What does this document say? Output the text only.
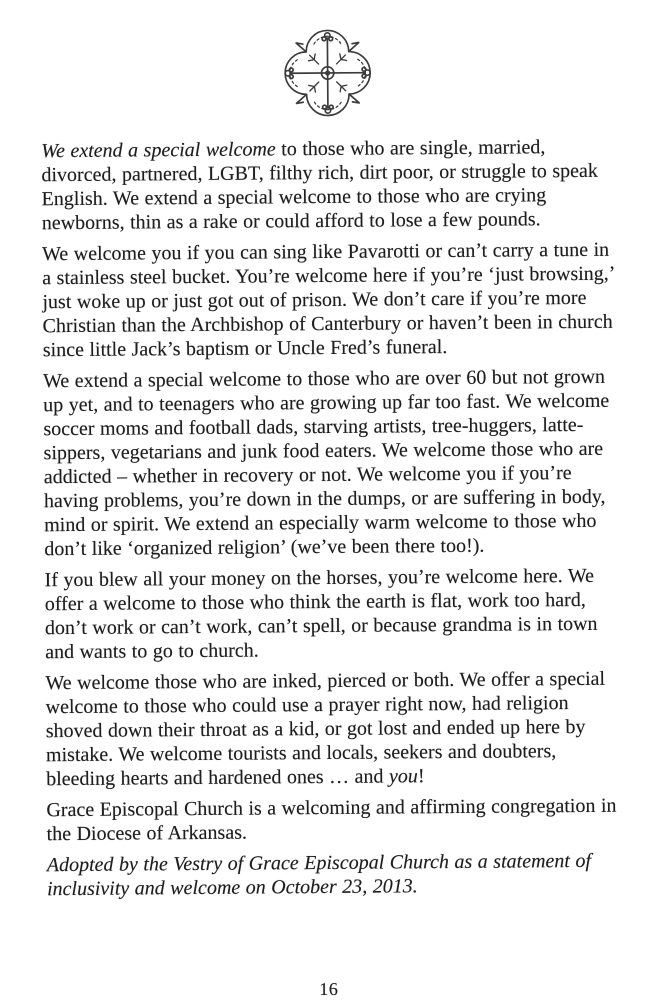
We extend a special welcome to those who are single, married, divorced, partnered, LGBT, filthy rich, dirt poor, or struggle to speak English. We extend a special welcome to those who are crying newborns, thin as a rake or could afford to lose a few pounds.

We welcome you if you can sing like Pavarotti or can’t carry a tune in a stainless steel bucket. You’re welcome here if you’re ‘just browsing,’ just woke up or just got out of prison. We don’t care if you’re more Christian than the Archbishop of Canterbury or haven’t been in church since little Jack’s baptism or Uncle Fred’s funeral.

We extend a special welcome to those who are over 60 but not grown up yet, and to teenagers who are growing up far too fast. We welcome soccer moms and football dads, starving artists, tree-huggers, latte-sippers, vegetarians and junk food eaters. We welcome those who are addicted – whether in recovery or not. We welcome you if you’re having problems, you’re down in the dumps, or are suffering in body, mind or spirit. We extend an especially warm welcome to those who don’t like ‘organized religion’ (we’ve been there too!).

If you blew all your money on the horses, you’re welcome here. We offer a welcome to those who think the earth is flat, work too hard, don’t work or can’t work, can’t spell, or because grandma is in town and wants to go to church.

We welcome those who are inked, pierced or both. We offer a special welcome to those who could use a prayer right now, had religion shoved down their throat as a kid, or got lost and ended up here by mistake. We welcome tourists and locals, seekers and doubters, bleeding hearts and hardened ones … and you!

Grace Episcopal Church is a welcoming and affirming congregation in the Diocese of Arkansas.

Adopted by the Vestry of Grace Episcopal Church as a statement of inclusivity and welcome on October 23, 2013.

16
